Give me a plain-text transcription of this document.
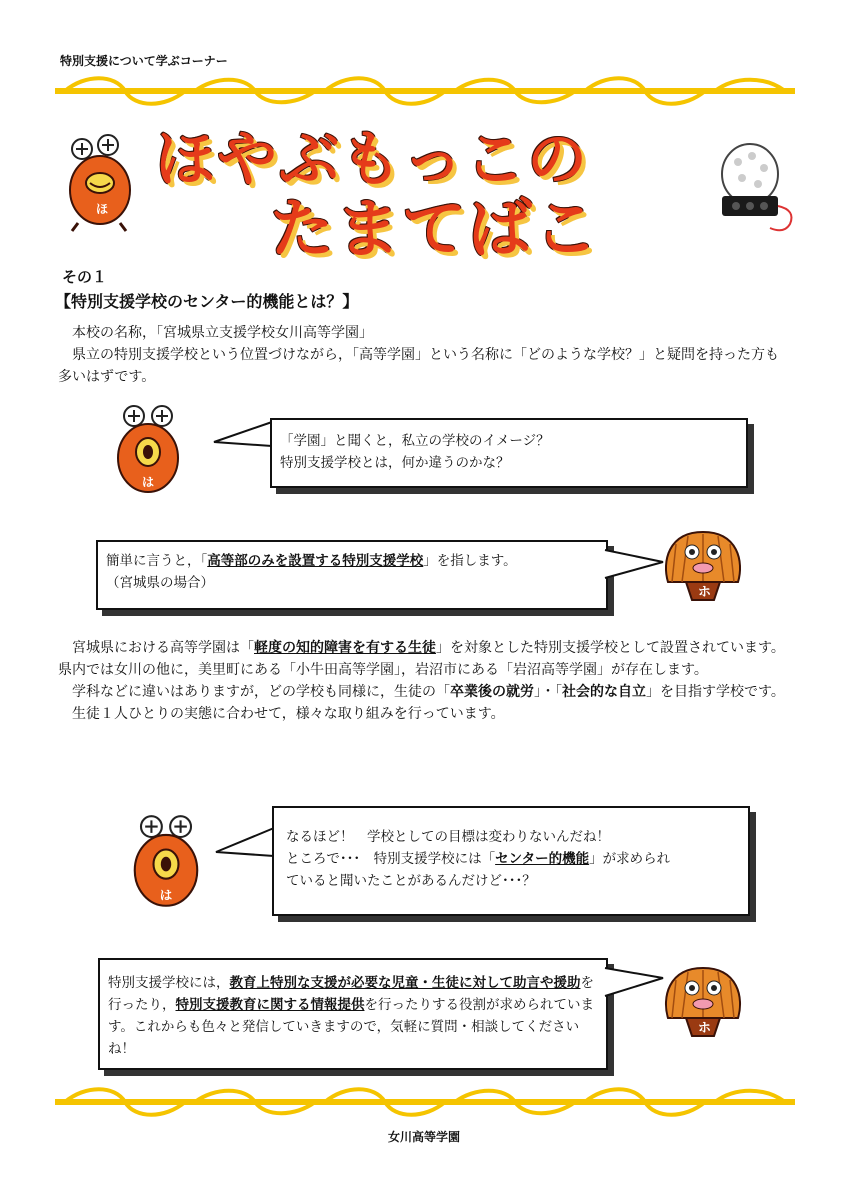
特別支援について学ぶコーナー
ほやぶもっこの
たまてばこ
ほ
その１
【特別支援学校のセンター的機能とは？】

本校の名称，「宮城県立支援学校女川高等学園」

県立の特別支援学校という位置づけながら，「高等学園」という名称に「どのような学校？」と疑問を持った方も多いはずです。

は

「学園」と聞くと，私立の学校のイメージ？

特別支援学校とは，何か違うのかな？

簡単に言うと，「高等部のみを設置する特別支援学校」を指します。

（宮城県の場合）

ホ

宮城県における高等学園は「軽度の知的障害を有する生徒」を対象とした特別支援学校として設置されています。県内では女川の他に，美里町にある「小牛田高等学園」，岩沼市にある「岩沼高等学園」が存在します。

学科などに違いはありますが，どの学校も同様に，生徒の「卒業後の就労」・「社会的な自立」を目指す学校です。

生徒１人ひとりの実態に合わせて，様々な取り組みを行っています。

は

なるほど！　学校としての目標は変わりないんだね！

ところで･･･　特別支援学校には「センター的機能」が求められ

ていると聞いたことがあるんだけど･･･？

特別支援学校には，教育上特別な支援が必要な児童・生徒に対して助言や援助を行ったり，特別支援教育に関する情報提供を行ったりする役割が求められています。これからも色々と発信していきますので，気軽に質問・相談してくださいね！

ホ
女川高等学園
